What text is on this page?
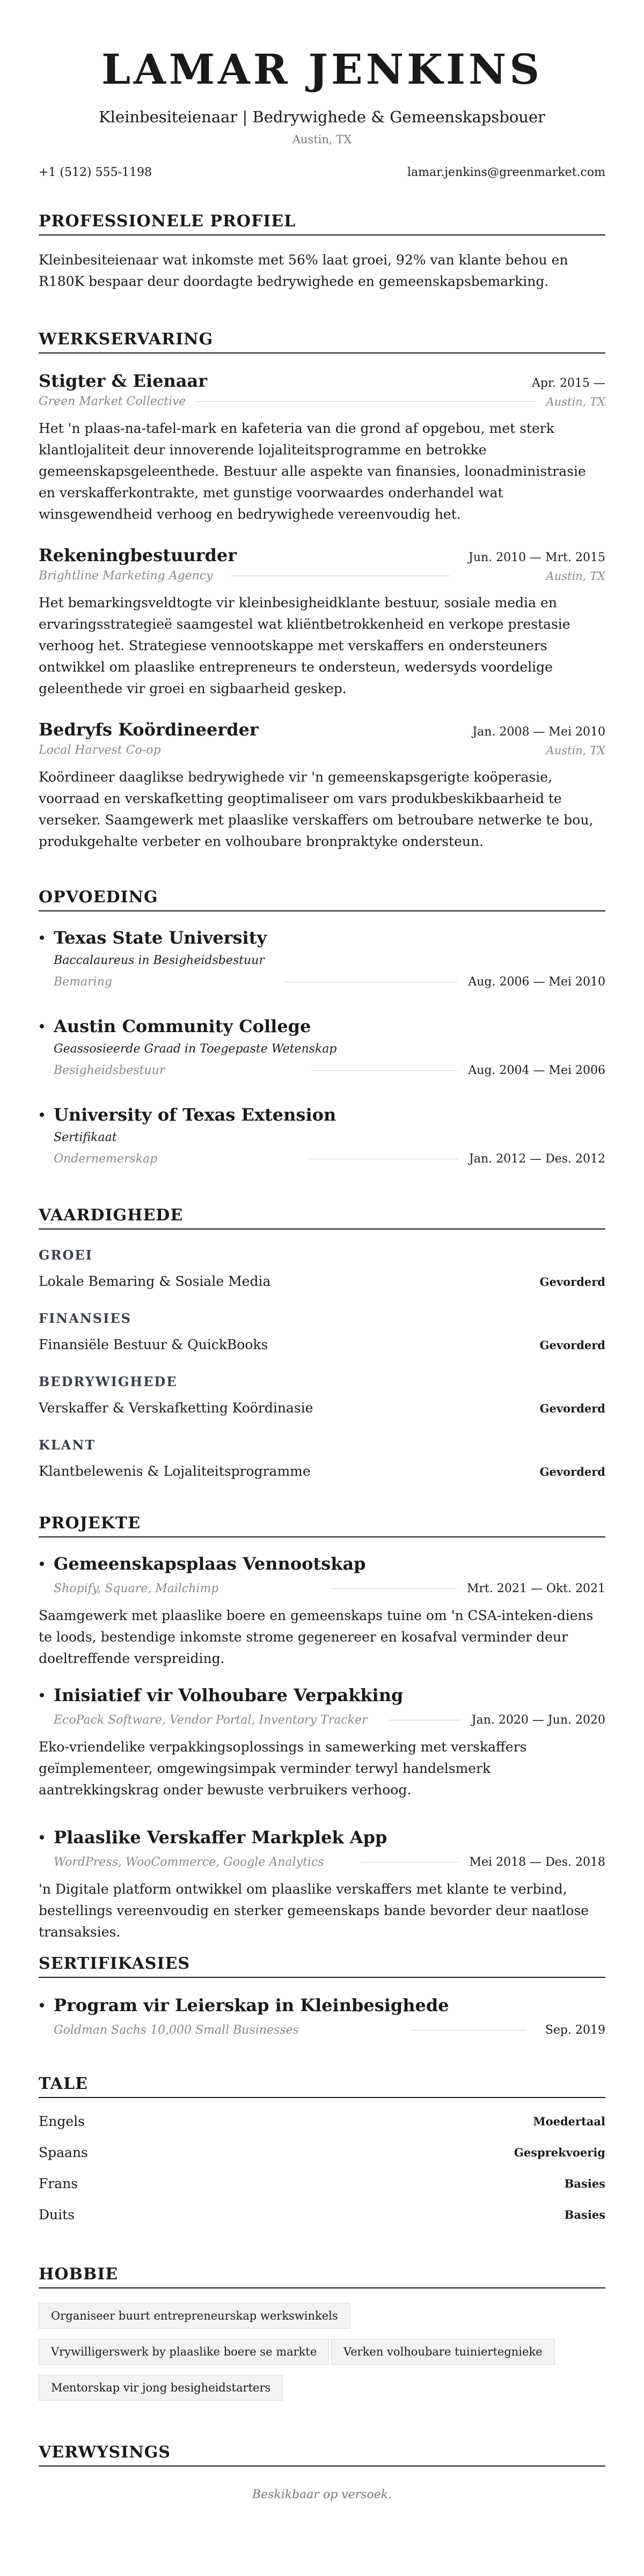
LAMAR JENKINS
Kleinbesiteienaar | Bedrywighede & Gemeenskapsbouer
Austin, TX
+1 (512) 555-1198	lamar.jenkins@greenmarket.com
PROFESSIONELE PROFIEL
Kleinbesiteienaar wat inkomste met 56% laat groei, 92% van klante behou en R180K bespaar deur doordagte bedrywighede en gemeenskapsbemarking.
WERKSERVARING
Stigter & Eienaar	Apr. 2015 —
Green Market Collective	Austin, TX
Het 'n plaas-na-tafel-mark en kafeteria van die grond af opgebou, met sterk klantlojaliteit deur innoverende lojaliteitsprogramme en betrokke gemeenskapsgeleenthede. Bestuur alle aspekte van finansies, loonadministrasie en verskafferkontrakte, met gunstige voorwaardes onderhandel wat winsgewendheid verhoog en bedrywighede vereenvoudig het.
Rekeningbestuurder	Jun. 2010 — Mrt. 2015
Brightline Marketing Agency	Austin, TX
Het bemarkingsveldtogte vir kleinbesigheidklante bestuur, sosiale media en ervaringsstrategieë saamgestel wat kliëntbetrokkenheid en verkope prestasie verhoog het. Strategiese vennootskappe met verskaffers en ondersteuners ontwikkel om plaaslike entrepreneurs te ondersteun, wedersyds voordelige geleenthede vir groei en sigbaarheid geskep.
Bedryfs Koördineerder	Jan. 2008 — Mei 2010
Local Harvest Co-op	Austin, TX
Koördineer daaglikse bedrywighede vir 'n gemeenskapsgerigte koöperasie, voorraad en verskafketting geoptimaliseer om vars produkbeskikbaarheid te verseker. Saamgewerk met plaaslike verskaffers om betroubare netwerke te bou, produkgehalte verbeter en volhoubare bronpraktyke ondersteun.
OPVOEDING
Texas State University
Baccalaureus in Besigheidsbestuur
Bemaring	Aug. 2006 — Mei 2010
Austin Community College
Geassosieerde Graad in Toegepaste Wetenskap
Besigheidsbestuur	Aug. 2004 — Mei 2006
University of Texas Extension
Sertifikaat
Ondernemerskap	Jan. 2012 — Des. 2012
VAARDIGHEDE
GROEI
Lokale Bemaring & Sosiale Media	Gevorderd
FINANSIES
Finansiële Bestuur & QuickBooks	Gevorderd
BEDRYWIGHEDE
Verskaffer & Verskafketting Koördinasie	Gevorderd
KLANT
Klantbelewenis & Lojaliteitsprogramme	Gevorderd
PROJEKTE
Gemeenskapsplaas Vennootskap
Shopify, Square, Mailchimp	Mrt. 2021 — Okt. 2021
Saamgewerk met plaaslike boere en gemeenskaps tuine om 'n CSA-inteken-diens te loods, bestendige inkomste strome gegenereer en kosafval verminder deur doeltreffende verspreiding.
Inisiatief vir Volhoubare Verpakking
EcoPack Software, Vendor Portal, Inventory Tracker	Jan. 2020 — Jun. 2020
Eko-vriendelike verpakkingsoplossings in samewerking met verskaffers geïmplementeer, omgewingsimpak verminder terwyl handelsmerk aantrekkingskrag onder bewuste verbruikers verhoog.
Plaaslike Verskaffer Markplek App
WordPress, WooCommerce, Google Analytics	Mei 2018 — Des. 2018
'n Digitale platform ontwikkel om plaaslike verskaffers met klante te verbind, bestellings vereenvoudig en sterker gemeenskaps bande bevorder deur naatlose transaksies.
SERTIFIKASIES
Program vir Leierskap in Kleinbesighede
Goldman Sachs 10,000 Small Businesses	Sep. 2019
TALE
Engels	Moedertaal
Spaans	Gesprekvoerig
Frans	Basies
Duits	Basies
HOBBIE
Organiseer buurt entrepreneurskap werkswinkels
Vrywilligerswerk by plaaslike boere se markte	Verken volhoubare tuiniertegnieke
Mentorskap vir jong besigheidstarters
VERWYSINGS
Beskikbaar op versoek.
